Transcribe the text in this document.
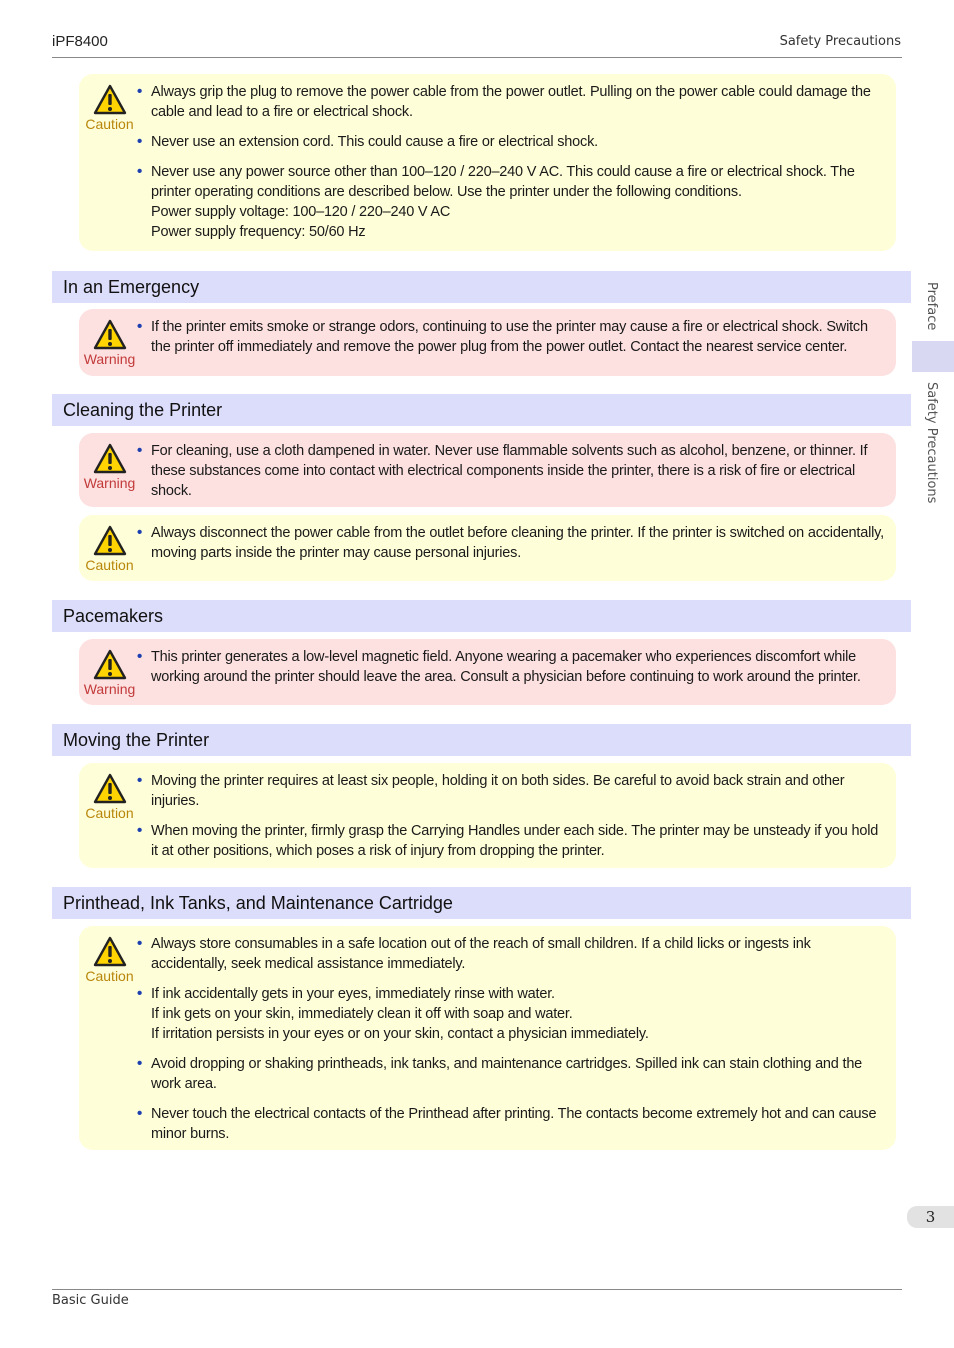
iPF8400	Safety Precautions
Caution
• Always grip the plug to remove the power cable from the power outlet. Pulling on the power cable could damage the cable and lead to a fire or electrical shock.
• Never use an extension cord. This could cause a fire or electrical shock.
• Never use any power source other than 100–120 / 220–240 V AC. This could cause a fire or electrical shock. The printer operating conditions are described below. Use the printer under the following conditions.
Power supply voltage: 100–120 / 220–240 V AC
Power supply frequency: 50/60 Hz
In an Emergency
Warning
• If the printer emits smoke or strange odors, continuing to use the printer may cause a fire or electrical shock. Switch the printer off immediately and remove the power plug from the power outlet. Contact the nearest service center.
Cleaning the Printer
Warning
• For cleaning, use a cloth dampened in water. Never use flammable solvents such as alcohol, benzene, or thinner. If these substances come into contact with electrical components inside the printer, there is a risk of fire or electrical shock.
Caution
• Always disconnect the power cable from the outlet before cleaning the printer. If the printer is switched on accidentally, moving parts inside the printer may cause personal injuries.
Pacemakers
Warning
• This printer generates a low-level magnetic field. Anyone wearing a pacemaker who experiences discomfort while working around the printer should leave the area. Consult a physician before continuing to work around the printer.
Moving the Printer
Caution
• Moving the printer requires at least six people, holding it on both sides. Be careful to avoid back strain and other injuries.
• When moving the printer, firmly grasp the Carrying Handles under each side. The printer may be unsteady if you hold it at other positions, which poses a risk of injury from dropping the printer.
Printhead, Ink Tanks, and Maintenance Cartridge
Caution
• Always store consumables in a safe location out of the reach of small children. If a child licks or ingests ink accidentally, seek medical assistance immediately.
• If ink accidentally gets in your eyes, immediately rinse with water.
If ink gets on your skin, immediately clean it off with soap and water.
If irritation persists in your eyes or on your skin, contact a physician immediately.
• Avoid dropping or shaking printheads, ink tanks, and maintenance cartridges. Spilled ink can stain clothing and the work area.
• Never touch the electrical contacts of the Printhead after printing. The contacts become extremely hot and can cause minor burns.
Preface
Safety Precautions
3
Basic Guide
